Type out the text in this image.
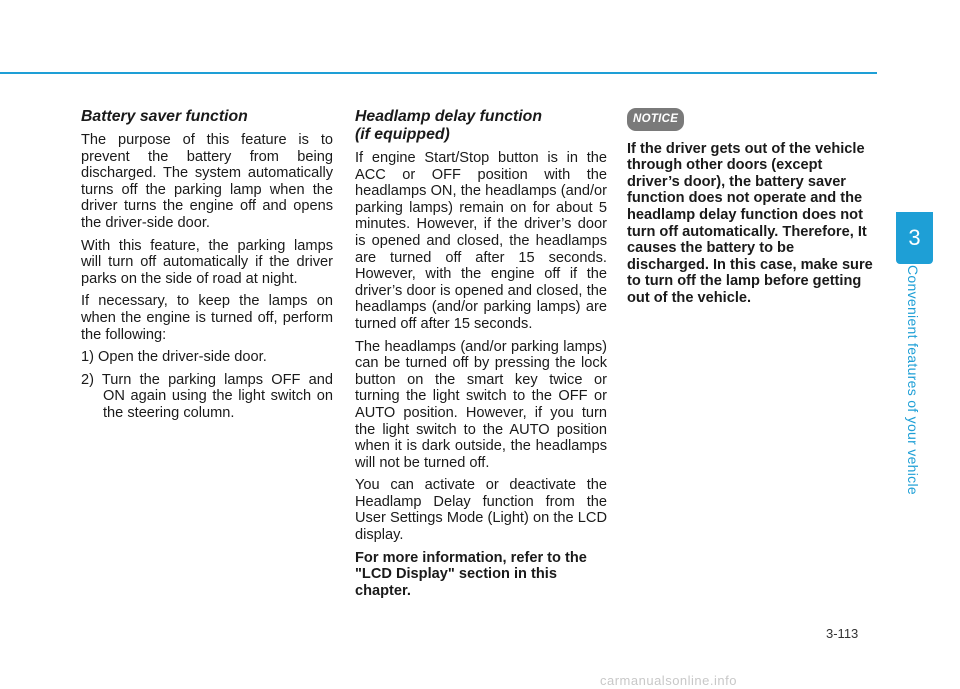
Battery saver function

The purpose of this feature is to prevent the battery from being discharged. The system automatically turns off the parking lamp when the driver turns the engine off and opens the driver-side door.

With this feature, the parking lamps will turn off automatically if the driver parks on the side of road at night.

If necessary, to keep the lamps on when the engine is turned off, perform the following:

1) Open the driver-side door.

2) Turn the parking lamps OFF and ON again using the light switch on the steering column.

Headlamp delay function
(if equipped)

If engine Start/Stop button is in the ACC or OFF position with the headlamps ON, the headlamps (and/or parking lamps) remain on for about 5 minutes. However, if the driver’s door is opened and closed, the headlamps are turned off after 15 seconds. However, with the engine off if the driver’s door is opened and closed, the headlamps (and/or parking lamps) are turned off after 15 seconds.

The headlamps (and/or parking lamps) can be turned off by pressing the lock button on the smart key twice or turning the light switch to the OFF or AUTO position. However, if you turn the light switch to the AUTO position when it is dark outside, the headlamps will not be turned off.

You can activate or deactivate the Headlamp Delay function from the User Settings Mode (Light) on the LCD display.

For more information, refer to the "LCD Display" section in this chapter.

NOTICE

If the driver gets out of the vehicle through other doors (except driver’s door), the battery saver function does not operate and the headlamp delay function does not turn off automatically. Therefore, It causes the battery to be discharged. In this case, make sure to turn off the lamp before getting out of the vehicle.

3
Convenient features of your vehicle
3-113
carmanualsonline.info
